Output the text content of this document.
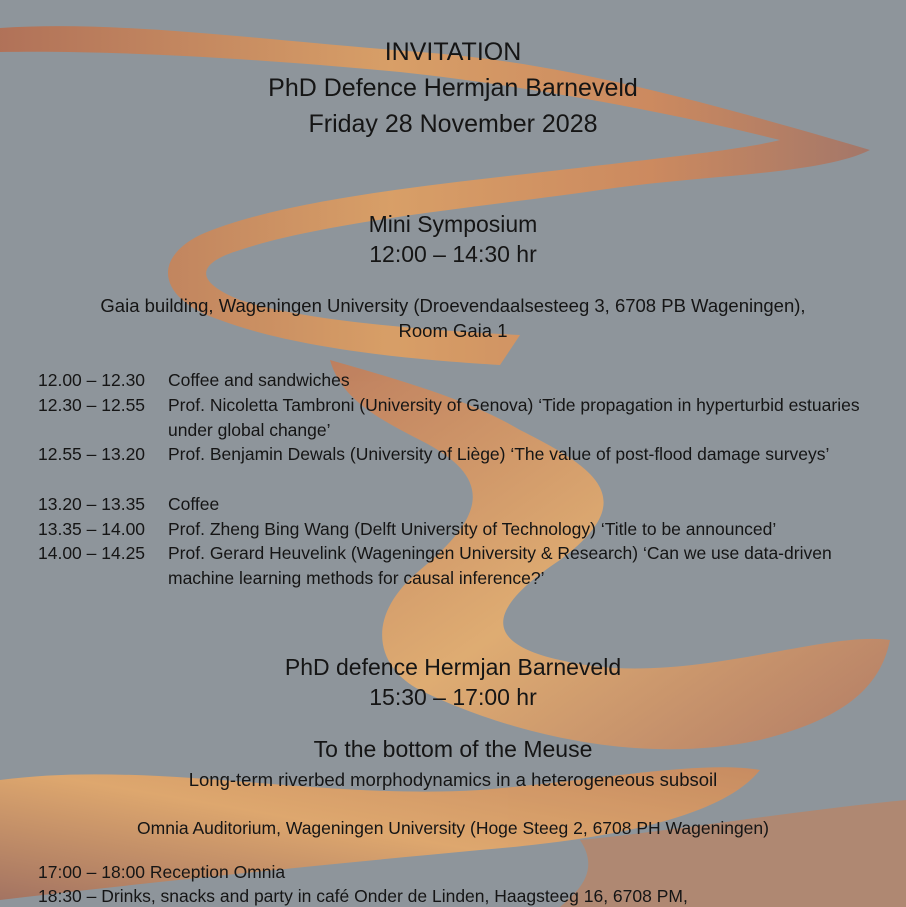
INVITATION
PhD Defence Hermjan Barneveld
Friday 28 November 2028
Mini Symposium
12:00 – 14:30 hr
Gaia building, Wageningen University (Droevendaalsesteeg 3, 6708 PB Wageningen),
Room Gaia 1
12.00 – 12.30	Coffee and sandwiches
12.30 – 12.55	Prof. Nicoletta Tambroni (University of Genova) ‘Tide propagation in hyperturbid estuaries under global change’
12.55 – 13.20	Prof. Benjamin Dewals (University of Liège) ‘The value of post-flood damage surveys’
13.20 – 13.35	Coffee
13.35 – 14.00	Prof. Zheng Bing Wang (Delft University of Technology) ‘Title to be announced’
14.00 – 14.25	Prof. Gerard Heuvelink (Wageningen University & Research) ‘Can we use data-driven machine learning methods for causal inference?’
PhD defence Hermjan Barneveld
15:30 – 17:00 hr
To the bottom of the Meuse
Long-term riverbed morphodynamics in a heterogeneous subsoil
Omnia Auditorium, Wageningen University (Hoge Steeg 2, 6708 PH Wageningen)
17:00 – 18:00 Reception Omnia
18:30 – Drinks, snacks and party in café Onder de Linden, Haagsteeg 16, 6708 PM,
